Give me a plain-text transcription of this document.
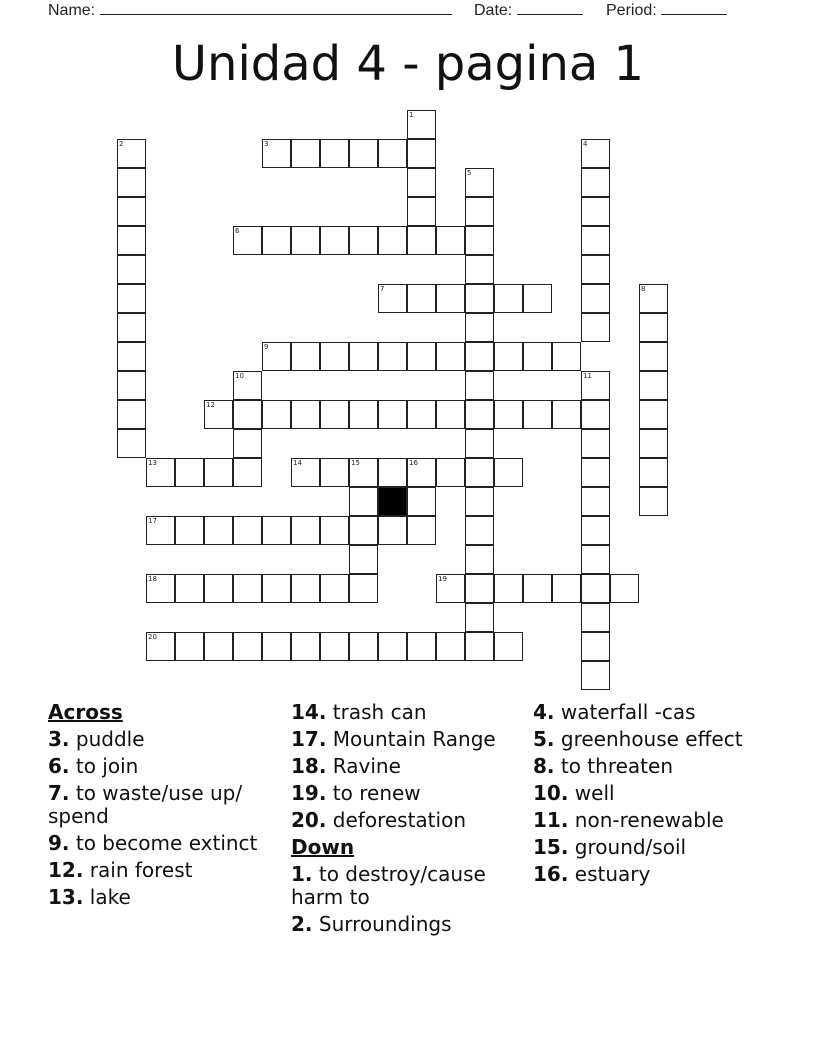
Name:	Date:	Period:
Unidad 4 - pagina 1
1
2	3	4
5
6
7	8
9
10	11
12
13	14	15	16
17
18	19
20
Across
3. puddle
6. to join
7. to waste/use up/ spend
9. to become extinct
12. rain forest
13. lake
14. trash can
17. Mountain Range
18. Ravine
19. to renew
20. deforestation
Down
1. to destroy/cause harm to
2. Surroundings
4. waterfall -cas
5. greenhouse effect
8. to threaten
10. well
11. non-renewable
15. ground/soil
16. estuary
